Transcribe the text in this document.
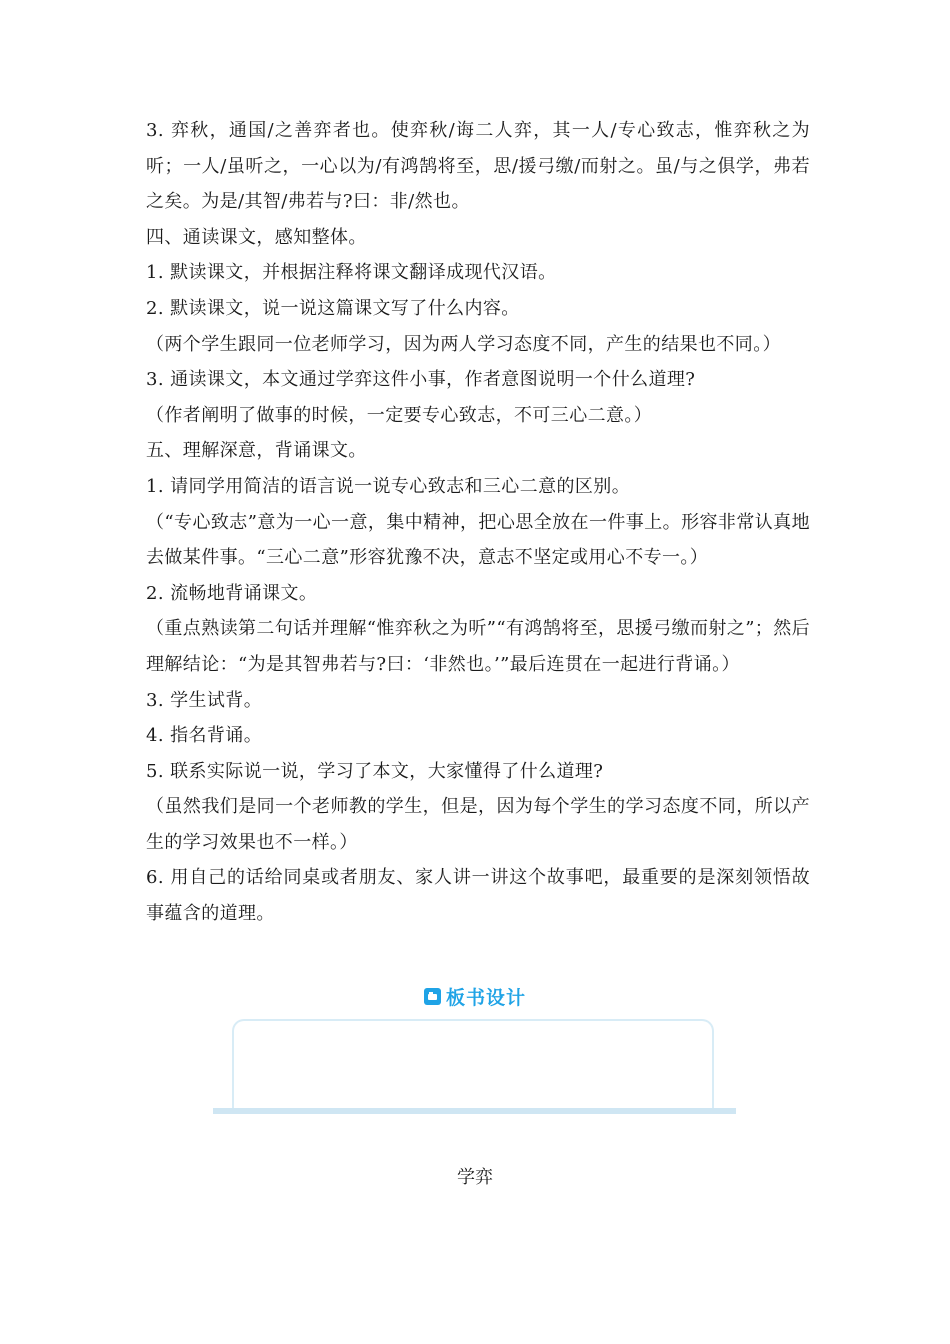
3. 弈秋，通国/之善弈者也。使弈秋/诲二人弈，其一人/专心致志，惟弈秋之为听；一人/虽听之，一心以为/有鸿鹄将至，思/援弓缴/而射之。虽/与之俱学，弗若之矣。为是/其智/弗若与?曰：非/然也。

四、通读课文，感知整体。

1. 默读课文，并根据注释将课文翻译成现代汉语。

2. 默读课文，说一说这篇课文写了什么内容。

（两个学生跟同一位老师学习，因为两人学习态度不同，产生的结果也不同。）

3. 通读课文，本文通过学弈这件小事，作者意图说明一个什么道理?

（作者阐明了做事的时候，一定要专心致志，不可三心二意。）

五、理解深意，背诵课文。

1. 请同学用简洁的语言说一说专心致志和三心二意的区别。

（“专心致志”意为一心一意，集中精神，把心思全放在一件事上。形容非常认真地去做某件事。“三心二意”形容犹豫不决，意志不坚定或用心不专一。）

2. 流畅地背诵课文。

（重点熟读第二句话并理解“惟弈秋之为听”“有鸿鹄将至，思援弓缴而射之”；然后理解结论：“为是其智弗若与?曰：‘非然也。’”最后连贯在一起进行背诵。）

3. 学生试背。

4. 指名背诵。

5. 联系实际说一说，学习了本文，大家懂得了什么道理?

（虽然我们是同一个老师教的学生，但是，因为每个学生的学习态度不同，所以产生的学习效果也不一样。）

6. 用自己的话给同桌或者朋友、家人讲一讲这个故事吧，最重要的是深刻领悟故事蕴含的道理。

板书设计
学弈
